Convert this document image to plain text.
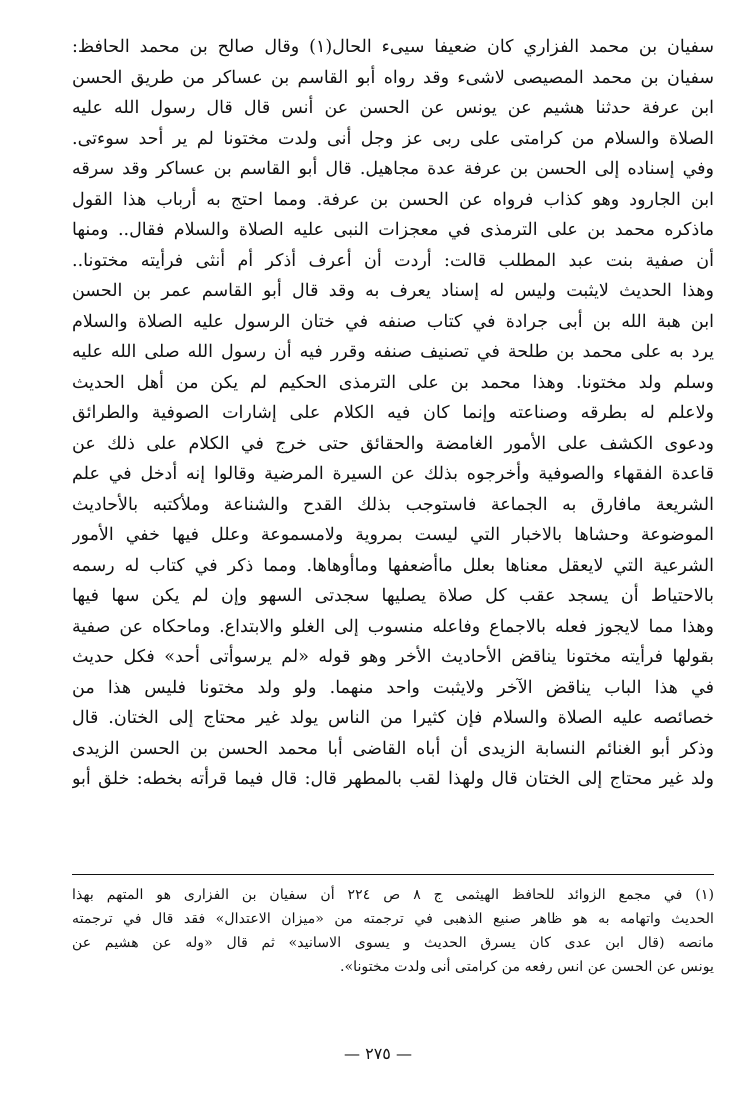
سفيان بن محمد الفزاري كان ضعيفا سيىء الحال(١) وقال صالح بن محمد الحافظ:
سفيان بن محمد المصيصى لاشىء وقد رواه أبو القاسم بن عساكر من طريق الحسن
ابن عرفة حدثنا هشيم عن يونس عن الحسن عن أنس قال قال رسول الله عليه
الصلاة والسلام من كرامتى على ربى عز وجل أنى ولدت مختونا لم ير أحد سوءتى.
وفي إسناده إلى الحسن بن عرفة عدة مجاهيل. قال أبو القاسم بن عساكر وقد سرقه
ابن الجارود وهو كذاب فرواه عن الحسن بن عرفة. ومما احتج به أرباب هذا القول
ماذكره محمد بن على الترمذى في معجزات النبى عليه الصلاة والسلام فقال.. ومنها
أن صفية بنت عبد المطلب قالت: أردت أن أعرف أذكر أم أنثى فرأيته مختونا..
وهذا الحديث لايثبت وليس له إسناد يعرف به وقد قال أبو القاسم عمر بن الحسن
ابن هبة الله بن أبى جرادة في كتاب صنفه في ختان الرسول عليه الصلاة والسلام
يرد به على محمد بن طلحة في تصنيف صنفه وقرر فيه أن رسول الله صلى الله عليه
وسلم ولد مختونا. وهذا محمد بن على الترمذى الحكيم لم يكن من أهل الحديث
ولاعلم له بطرقه وصناعته وإنما كان فيه الكلام على إشارات الصوفية والطرائق
ودعوى الكشف على الأمور الغامضة والحقائق حتى خرج في الكلام على ذلك عن
قاعدة الفقهاء والصوفية وأخرجوه بذلك عن السيرة المرضية وقالوا إنه أدخل في علم
الشريعة مافارق به الجماعة فاستوجب بذلك القدح والشناعة وملأكتبه بالأحاديث
الموضوعة وحشاها بالاخبار التي ليست بمروية ولامسموعة وعلل فيها خفي الأمور
الشرعية التي لايعقل معناها بعلل ماأضعفها وماأوهاها. ومما ذكر في كتاب له رسمه
بالاحتياط أن يسجد عقب كل صلاة يصليها سجدتى السهو وإن لم يكن سها فيها
وهذا مما لايجوز فعله بالاجماع وفاعله منسوب إلى الغلو والابتداع. وماحكاه عن صفية
بقولها فرأيته مختونا يناقض الأحاديث الأخر وهو قوله «لم يرسوأتى أحد» فكل حديث
في هذا الباب يناقض الآخر ولايثبت واحد منهما. ولو ولد مختونا فليس هذا من
خصائصه عليه الصلاة والسلام فإن كثيرا من الناس يولد غير محتاج إلى الختان. قال
وذكر أبو الغنائم النسابة الزيدى أن أباه القاضى أبا محمد الحسن بن الحسن الزيدى
ولد غير محتاج إلى الختان قال ولهذا لقب بالمطهر قال: قال فيما قرأته بخطه: خلق أبو
(١) في مجمع الزوائد للحافظ الهيثمى ج ٨ ص ٢٢٤ أن سفيان بن الفزارى هو المتهم بهذا
الحديث واتهامه به هو ظاهر صنيع الذهبى في ترجمته من «ميزان الاعتدال» فقد قال في ترجمته
مانصه (قال ابن عدى كان يسرق الحديث و يسوى الاسانيد» ثم قال «وله عن هشيم عن
يونس عن الحسن عن انس رفعه من كرامتى أنى ولدت مختونا».
— ٢٧٥ —
